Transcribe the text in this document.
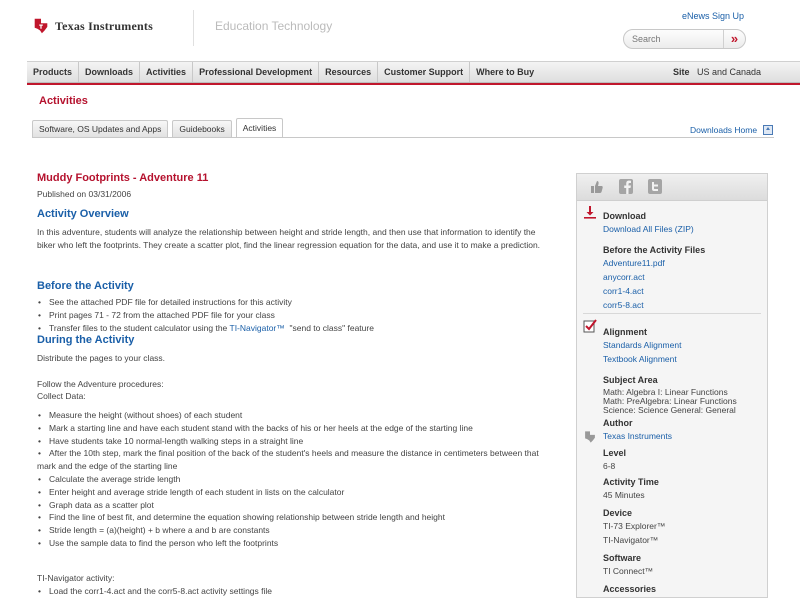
Texas Instruments	Education Technology
eNews Sign Up
Search
»
Products	Downloads	Activities	Professional Development	Resources	Customer Support	Where to Buy	Site US and Canada
Activities
Software, OS Updates and Apps	Guidebooks	Activities	Downloads Home
Muddy Footprints - Adventure 11
Published on 03/31/2006
Activity Overview
In this adventure, students will analyze the relationship between height and stride length, and then use that information to identify the biker who left the footprints. They create a scatter plot, find the linear regression equation for the data, and use it to make a prediction.
Before the Activity
• See the attached PDF file for detailed instructions for this activity
• Print pages 71 - 72 from the attached PDF file for your class
• Transfer files to the student calculator using the TI-Navigator™  "send to class" feature
During the Activity
Distribute the pages to your class.
Follow the Adventure procedures:
Collect Data:
• Measure the height (without shoes) of each student
• Mark a starting line and have each student stand with the backs of his or her heels at the edge of the starting line
• Have students take 10 normal-length walking steps in a straight line
• After the 10th step, mark the final position of the back of the student's heels and measure the distance in centimeters between that mark and the edge of the starting line
• Calculate the average stride length
• Enter height and average stride length of each student in lists on the calculator
• Graph data as a scatter plot
• Find the line of best fit, and determine the equation showing relationship between stride length and height
• Stride length = (a)(height) + b where a and b are constants
• Use the sample data to find the person who left the footprints
TI-Navigator activity:
• Load the corr1-4.act and the corr5-8.act activity settings file
Download
Download All Files (ZIP)
Before the Activity Files
Adventure11.pdf
anycorr.act
corr1-4.act
corr5-8.act
Alignment
Standards Alignment
Textbook Alignment
Subject Area
Math: Algebra I: Linear Functions
Math: PreAlgebra: Linear Functions
Science: Science General: General
Author
Texas Instruments
Level
6-8
Activity Time
45 Minutes
Device
TI-73 Explorer™
TI-Navigator™
Software
TI Connect™
Accessories
